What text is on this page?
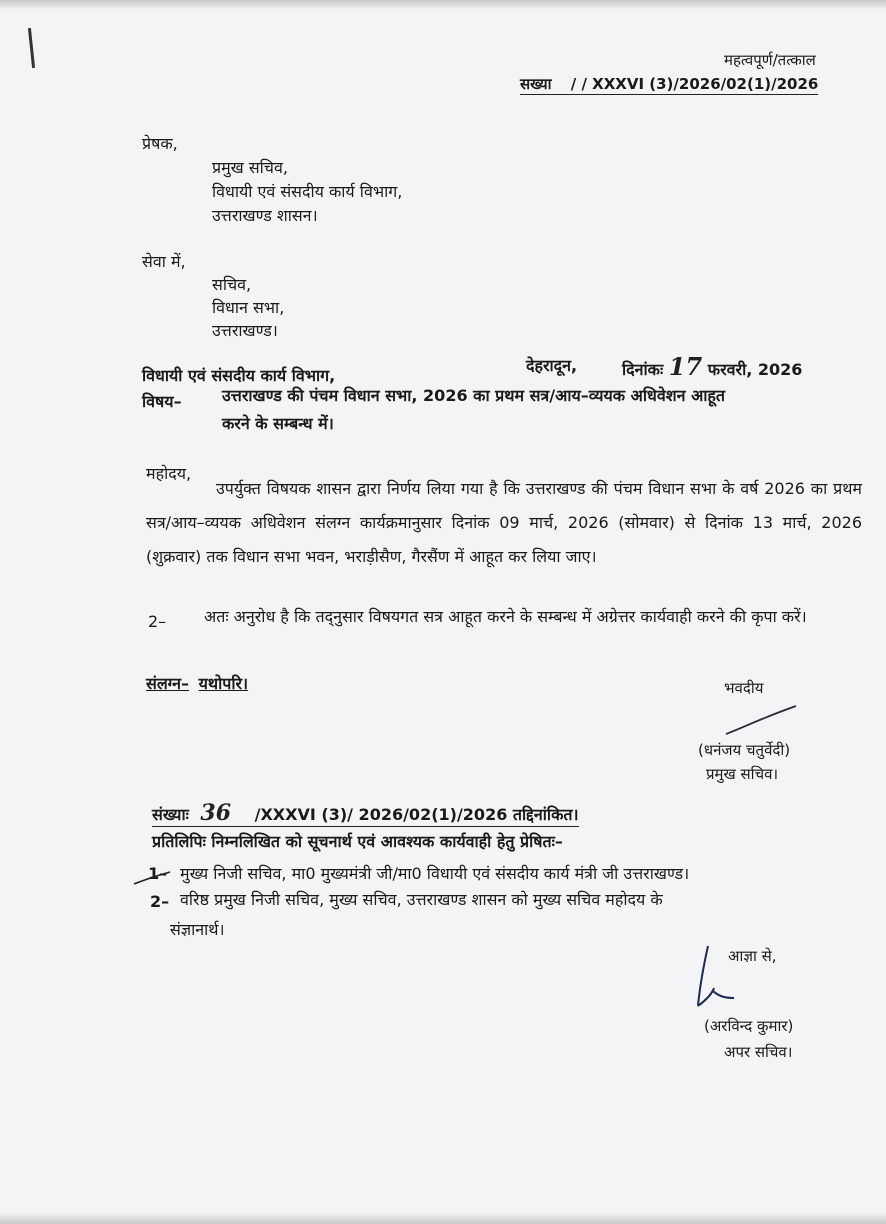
महत्वपूर्ण/तत्काल
सख्या / / XXXVI (3)/2026/02(1)/2026
प्रेषक,
प्रमुख सचिव,
विधायी एवं संसदीय कार्य विभाग,
उत्तराखण्ड शासन।
सेवा में,
सचिव,
विधान सभा,
उत्तराखण्ड।
विधायी एवं संसदीय कार्य विभाग,
देहरादून,	दिनांकः 17 फरवरी, 2026
विषय–	उत्तराखण्ड की पंचम विधान सभा, 2026 का प्रथम सत्र/आय–व्ययक अधिवेशन आहूत
करने के सम्बन्ध में।
महोदय,
उपर्युक्त विषयक शासन द्वारा निर्णय लिया गया है कि उत्तराखण्ड की पंचम विधान सभा के वर्ष 2026 का प्रथम सत्र/आय–व्ययक अधिवेशन संलग्न कार्यक्रमानुसार दिनांक 09 मार्च, 2026 (सोमवार) से दिनांक 13 मार्च, 2026 (शुक्रवार) तक विधान सभा भवन, भराड़ीसैण, गैरसैंण में आहूत कर लिया जाए।
2–	अतः अनुरोध है कि तद्नुसार विषयगत सत्र आहूत करने के सम्बन्ध में अग्रेत्तर कार्यवाही करने की कृपा करें।
संलग्न– यथोपरि।	भवदीय
(धनंजय चतुर्वेदी)
प्रमुख सचिव।
संख्याः 36 /XXXVI (3)/ 2026/02(1)/2026 तद्दिनांकित।
प्रतिलिपिः निम्नलिखित को सूचनार्थ एवं आवश्यक कार्यवाही हेतु प्रेषितः–
1– मुख्य निजी सचिव, मा0 मुख्यमंत्री जी/मा0 विधायी एवं संसदीय कार्य मंत्री जी उत्तराखण्ड।
2– वरिष्ठ प्रमुख निजी सचिव, मुख्य सचिव, उत्तराखण्ड शासन को मुख्य सचिव महोदय के
संज्ञानार्थ।
आज्ञा से,
(अरविन्द कुमार)
अपर सचिव।
